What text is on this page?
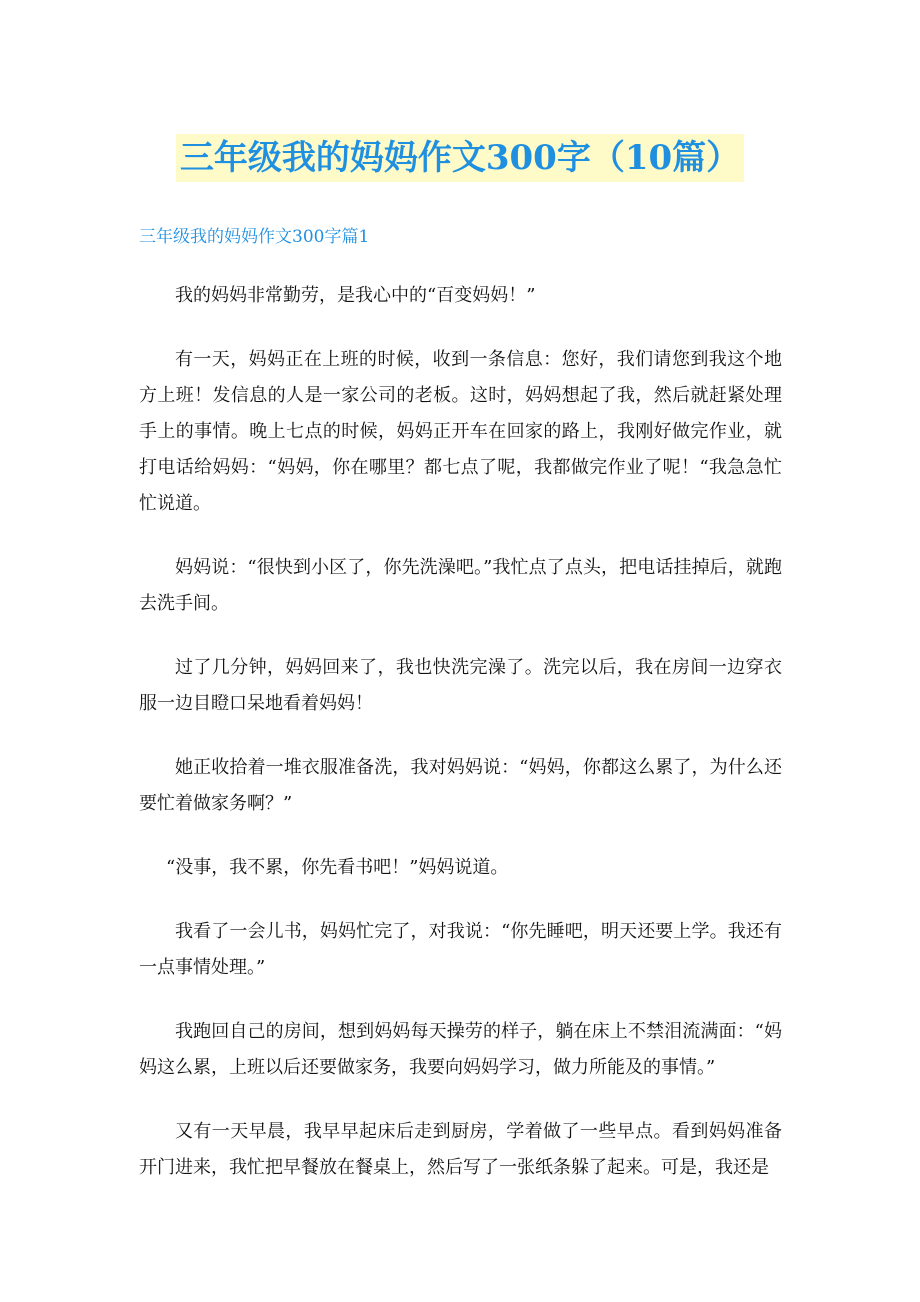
三年级我的妈妈作文300字（10篇）
三年级我的妈妈作文300字篇1

我的妈妈非常勤劳，是我心中的“百变妈妈！”

有一天，妈妈正在上班的时候，收到一条信息：您好，我们请您到我这个地方上班！发信息的人是一家公司的老板。这时，妈妈想起了我，然后就赶紧处理手上的事情。晚上七点的时候，妈妈正开车在回家的路上，我刚好做完作业，就打电话给妈妈：“妈妈，你在哪里？都七点了呢，我都做完作业了呢！“我急急忙忙说道。

妈妈说：“很快到小区了，你先洗澡吧。”我忙点了点头，把电话挂掉后，就跑去洗手间。

过了几分钟，妈妈回来了，我也快洗完澡了。洗完以后，我在房间一边穿衣服一边目瞪口呆地看着妈妈！

她正收拾着一堆衣服准备洗，我对妈妈说：“妈妈，你都这么累了，为什么还要忙着做家务啊？”

“没事，我不累，你先看书吧！”妈妈说道。

我看了一会儿书，妈妈忙完了，对我说：“你先睡吧，明天还要上学。我还有一点事情处理。”

我跑回自己的房间，想到妈妈每天操劳的样子，躺在床上不禁泪流满面：“妈妈这么累，上班以后还要做家务，我要向妈妈学习，做力所能及的事情。”

又有一天早晨，我早早起床后走到厨房，学着做了一些早点。看到妈妈准备开门进来，我忙把早餐放在餐桌上，然后写了一张纸条躲了起来。可是，我还是
